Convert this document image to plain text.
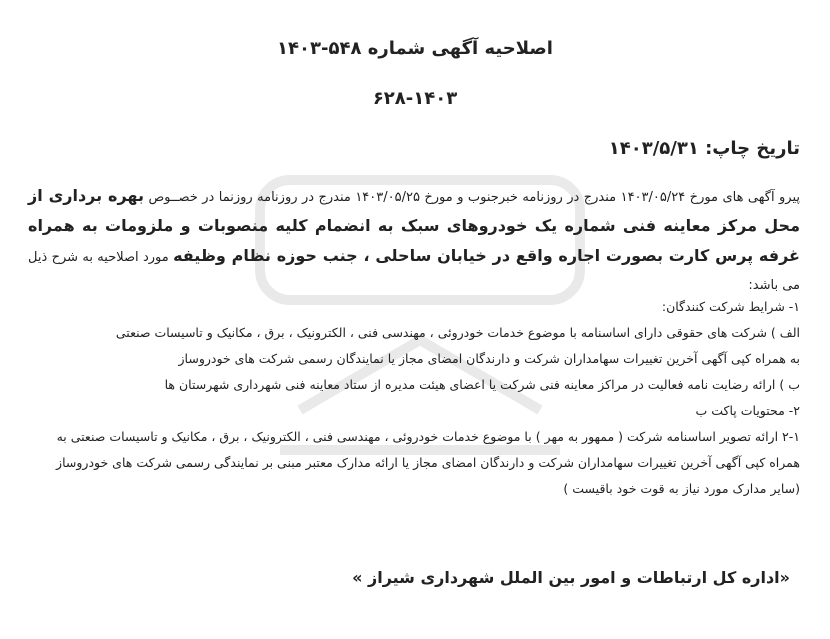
اصلاحیه آگهی شماره ۵۴۸-۱۴۰۳
۶۲۸-۱۴۰۳
تاریخ چاپ: ۱۴۰۳/۵/۳۱
پیرو آگهی های مورخ ۱۴۰۳/۰۵/۲۴ مندرج در روزنامه خبرجنوب و مورخ ۱۴۰۳/۰۵/۲۵ مندرج در روزنامه روزنما در خصــوص بهره برداری از محل مرکز معاینه فنی شماره یک خودروهای سبک به انضمام کلیه منصوبات و ملزومات به همراه غرفه پرس کارت بصورت اجاره واقع در خیابان ساحلی ، جنب حوزه نظام وظیفه مورد اصلاحیه به شرح ذیل می باشد:

۱- شرایط شرکت کنندگان:

الف ) شرکت های حقوقی دارای اساسنامه با موضوع خدمات خودروئی ، مهندسی فنی ، الکترونیک ، برق ، مکانیک و تاسیسات صنعتی

به همراه کپی آگهی آخرین تغییرات سهامداران شرکت و دارندگان امضای مجاز یا نمایندگان رسمی شرکت های خودروساز

ب ) ارائه رضایت نامه فعالیت در مراکز معاینه فنی شرکت یا اعضای هیئت مدیره از ستاد معاینه فنی شهرداری شهرستان ها

۲- محتویات پاکت ب

۲-۱ ارائه تصویر اساسنامه شرکت ( ممهور به مهر ) با موضوع خدمات خودروئی ، مهندسی فنی ، الکترونیک ، برق ، مکانیک و تاسیسات صنعتی به همراه کپی آگهی آخرین تغییرات سهامداران شرکت و دارندگان امضای مجاز یا ارائه مدارک معتبر مبنی بر نمایندگی رسمی شرکت های خودروساز

(سایر مدارک مورد نیاز به قوت خود باقیست )

«اداره کل ارتباطات و امور بین الملل شهرداری شیراز »
